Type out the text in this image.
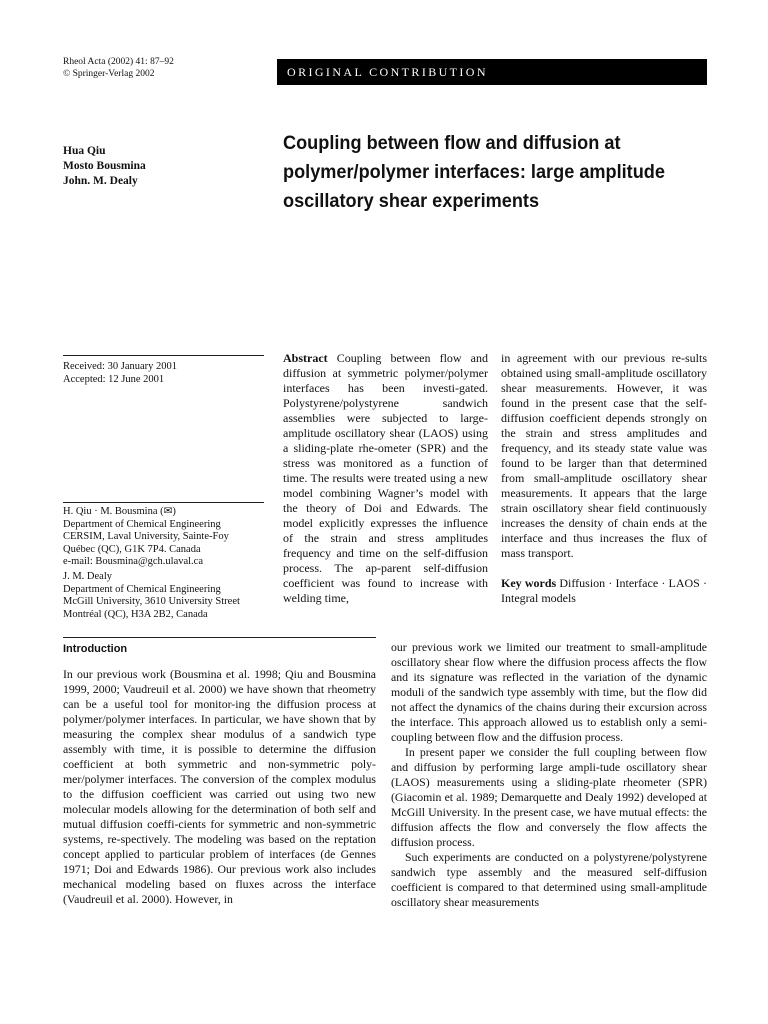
Rheol Acta (2002) 41: 87–92
© Springer-Verlag 2002	ORIGINAL CONTRIBUTION
Hua Qiu
Mosto Bousmina
John. M. Dealy
Coupling between flow and diffusion at polymer/polymer interfaces: large amplitude oscillatory shear experiments
Received: 30 January 2001
Accepted: 12 June 2001
H. Qiu · M. Bousmina (✉)
Department of Chemical Engineering
CERSIM, Laval University, Sainte-Foy
Québec (QC), G1K 7P4. Canada
e-mail: Bousmina@gch.ulaval.ca
J. M. Dealy
Department of Chemical Engineering
McGill University, 3610 University Street
Montréal (QC), H3A 2B2, Canada
Abstract Coupling between flow and diffusion at symmetric polymer/polymer interfaces has been investi-gated. Polystyrene/polystyrene sandwich assemblies were subjected to large-amplitude oscillatory shear (LAOS) using a sliding-plate rhe-ometer (SPR) and the stress was monitored as a function of time. The results were treated using a new model combining Wagner’s model with the theory of Doi and Edwards. The model explicitly expresses the influence of the strain and stress amplitudes frequency and time on the self-diffusion process. The ap-parent self-diffusion coefficient was found to increase with welding time,
in agreement with our previous re-sults obtained using small-amplitude oscillatory shear measurements. However, it was found in the present case that the self-diffusion coefficient depends strongly on the strain and stress amplitudes and frequency, and its steady state value was found to be larger than that determined from small-amplitude oscillatory shear measurements. It appears that the large strain oscillatory shear field continuously increases the density of chain ends at the interface and thus increases the flux of mass transport.
Key words Diffusion · Interface · LAOS · Integral models
Introduction

In our previous work (Bousmina et al. 1998; Qiu and Bousmina 1999, 2000; Vaudreuil et al. 2000) we have shown that rheometry can be a useful tool for monitor-ing the diffusion process at polymer/polymer interfaces. In particular, we have shown that by measuring the complex shear modulus of a sandwich type assembly with time, it is possible to determine the diffusion coefficient at both symmetric and non-symmetric poly-mer/polymer interfaces. The conversion of the complex modulus to the diffusion coefficient was carried out using two new molecular models allowing for the determination of both self and mutual diffusion coeffi-cients for symmetric and non-symmetric systems, re-spectively. The modeling was based on the reptation concept applied to particular problem of interfaces (de Gennes 1971; Doi and Edwards 1986). Our previous work also includes mechanical modeling based on fluxes across the interface (Vaudreuil et al. 2000). However, in

our previous work we limited our treatment to small-amplitude oscillatory shear flow where the diffusion process affects the flow and its signature was reflected in the variation of the dynamic moduli of the sandwich type assembly with time, but the flow did not affect the dynamics of the chains during their excursion across the interface. This approach allowed us to establish only a semi-coupling between flow and the diffusion process.

In present paper we consider the full coupling between flow and diffusion by performing large ampli-tude oscillatory shear (LAOS) measurements using a sliding-plate rheometer (SPR) (Giacomin et al. 1989; Demarquette and Dealy 1992) developed at McGill University. In the present case, we have mutual effects: the diffusion affects the flow and conversely the flow affects the diffusion process.

Such experiments are conducted on a polystyrene/polystyrene sandwich type assembly and the measured self-diffusion coefficient is compared to that determined using small-amplitude oscillatory shear measurements
